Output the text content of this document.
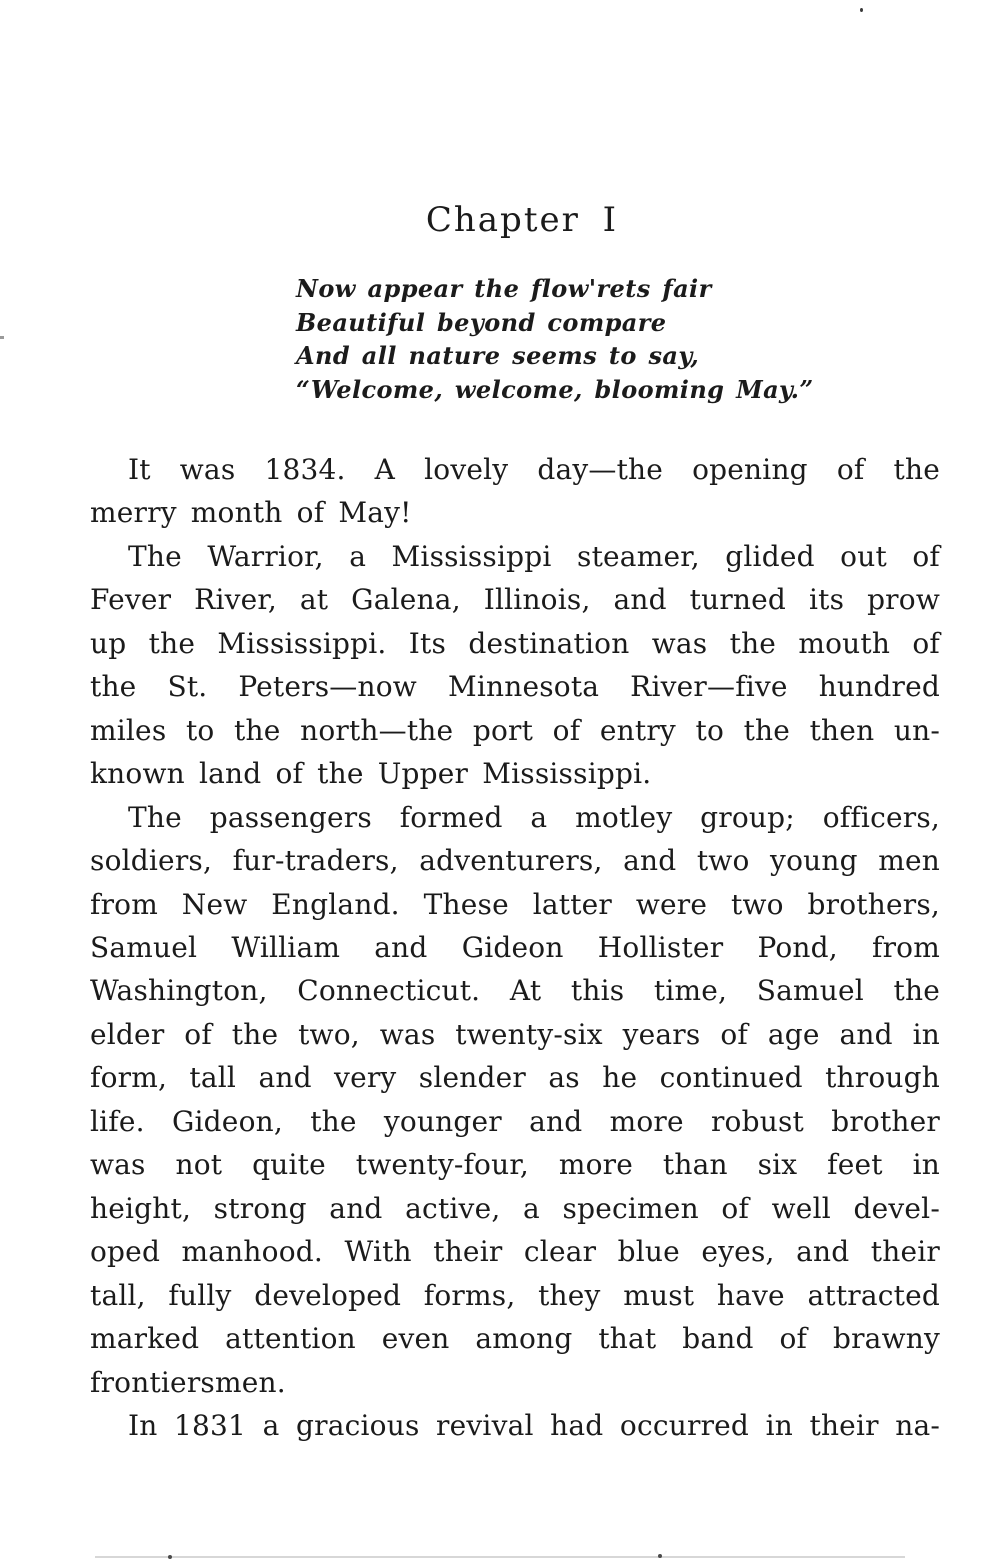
Chapter I
Now appear the flow'rets fair
Beautiful beyond compare
And all nature seems to say,
“Welcome, welcome, blooming May.”
It was 1834. A lovely day—the opening of the
merry month of May!
The Warrior, a Mississippi steamer, glided out of
Fever River, at Galena, Illinois, and turned its prow
up the Mississippi. Its destination was the mouth of
the St. Peters—now Minnesota River—five hundred
miles to the north—the port of entry to the then un-
known land of the Upper Mississippi.
The passengers formed a motley group; officers,
soldiers, fur-traders, adventurers, and two young men
from New England. These latter were two brothers,
Samuel William and Gideon Hollister Pond, from
Washington, Connecticut. At this time, Samuel the
elder of the two, was twenty-six years of age and in
form, tall and very slender as he continued through
life. Gideon, the younger and more robust brother
was not quite twenty-four, more than six feet in
height, strong and active, a specimen of well devel-
oped manhood. With their clear blue eyes, and their
tall, fully developed forms, they must have attracted
marked attention even among that band of brawny
frontiersmen.
In 1831 a gracious revival had occurred in their na-
